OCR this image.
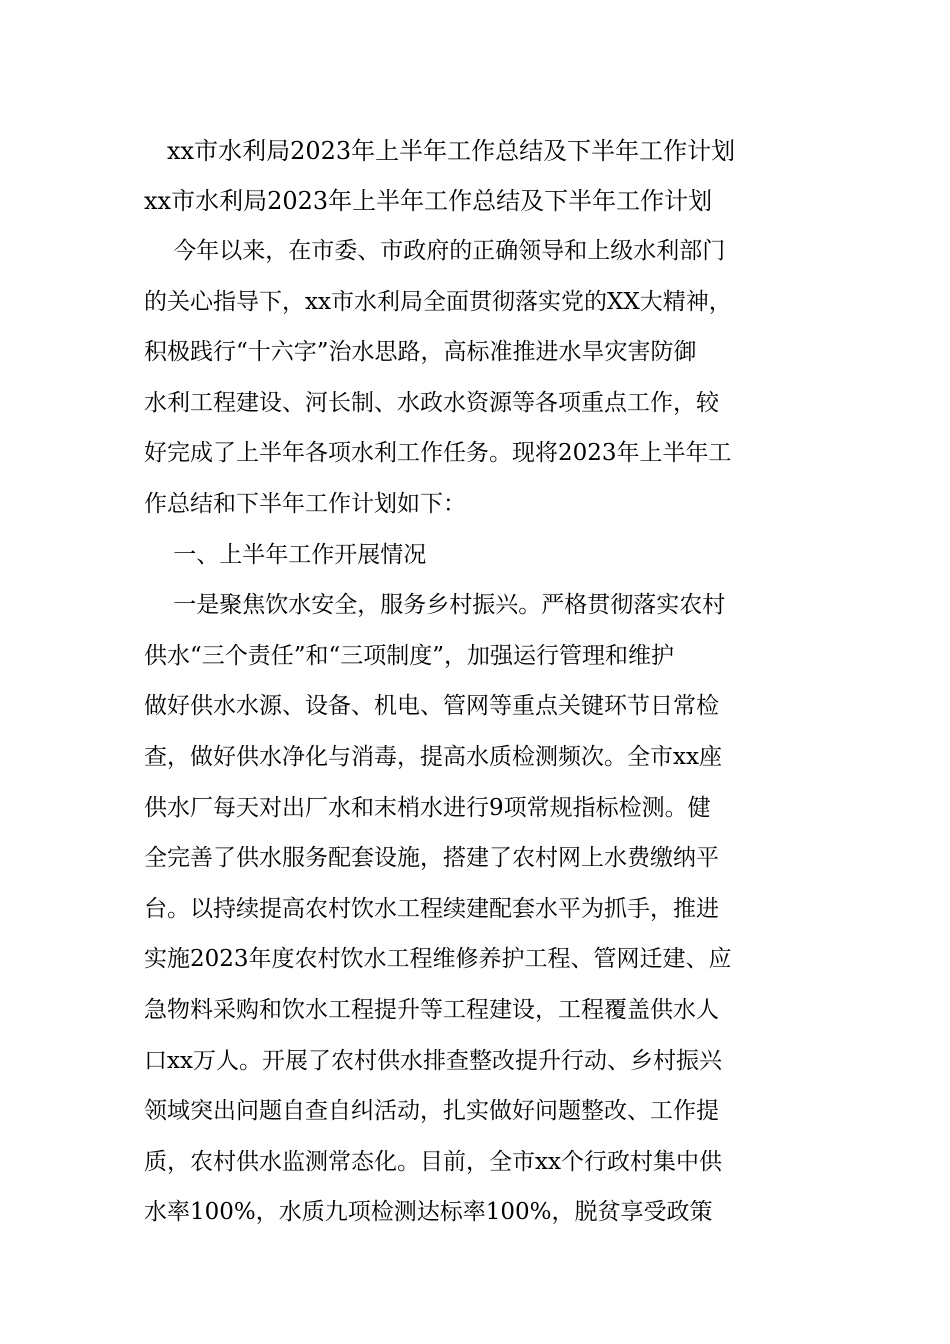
xx市水利局2023年上半年工作总结及下半年工作计划
xx市水利局2023年上半年工作总结及下半年工作计划
今年以来，在市委、市政府的正确领导和上级水利部门
的关心指导下，xx市水利局全面贯彻落实党的XX大精神，
积极践行“十六字”治水思路，高标准推进水旱灾害防御
水利工程建设、河长制、水政水资源等各项重点工作，较
好完成了上半年各项水利工作任务。现将2023年上半年工
作总结和下半年工作计划如下：
一、上半年工作开展情况
一是聚焦饮水安全，服务乡村振兴。严格贯彻落实农村
供水“三个责任”和“三项制度”，加强运行管理和维护
做好供水水源、设备、机电、管网等重点关键环节日常检
查，做好供水净化与消毒，提高水质检测频次。全市xx座
供水厂每天对出厂水和末梢水进行9项常规指标检测。健
全完善了供水服务配套设施，搭建了农村网上水费缴纳平
台。以持续提高农村饮水工程续建配套水平为抓手，推进
实施2023年度农村饮水工程维修养护工程、管网迁建、应
急物料采购和饮水工程提升等工程建设，工程覆盖供水人
口xx万人。开展了农村供水排查整改提升行动、乡村振兴
领域突出问题自查自纠活动，扎实做好问题整改、工作提
质，农村供水监测常态化。目前，全市xx个行政村集中供
水率100%，水质九项检测达标率100%，脱贫享受政策
